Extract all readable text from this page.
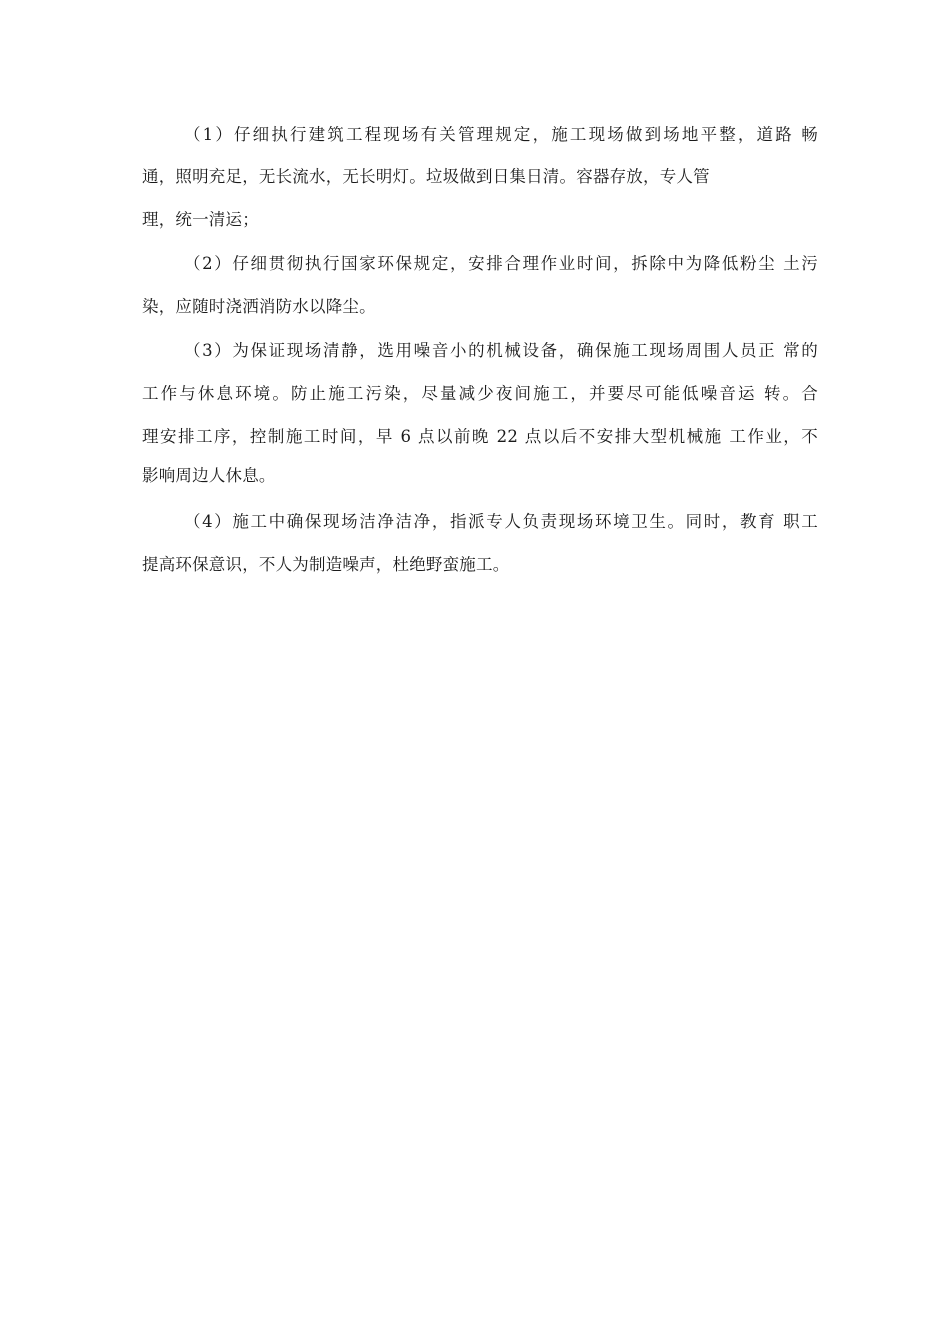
（1）仔细执行建筑工程现场有关管理规定，施工现场做到场地平整，道路 畅
通，照明充足，无长流水，无长明灯。垃圾做到日集日清。容器存放，专人管
理，统一清运；
（2）仔细贯彻执行国家环保规定，安排合理作业时间，拆除中为降低粉尘 土污
染，应随时浇洒消防水以降尘。
（3）为保证现场清静，选用噪音小的机械设备，确保施工现场周围人员正 常的
工作与休息环境。防止施工污染，尽量减少夜间施工，并要尽可能低噪音运 转。合
理安排工序，控制施工时间，早 6 点以前晚 22 点以后不安排大型机械施 工作业，不
影响周边人休息。
（4）施工中确保现场洁净洁净，指派专人负责现场环境卫生。同时，教育 职工
提高环保意识，不人为制造噪声，杜绝野蛮施工。
